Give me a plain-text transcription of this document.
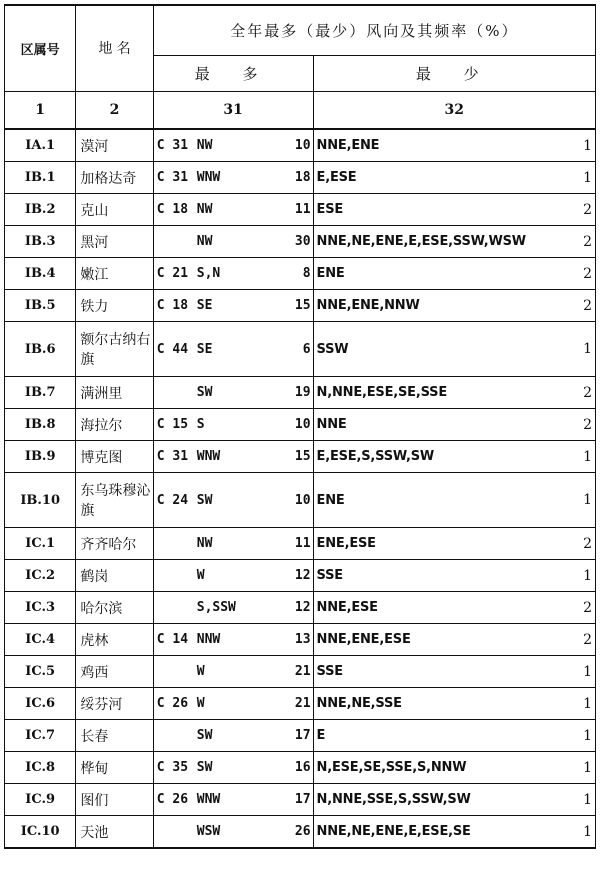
区属号	地 名	全年最多（最少）风向及其频率（%）	
		最 多	最 少
1	2	31	32
ⅠA.1	漠河	C 31 NW 10	NNE,ENE 1

ⅠB.1	加格达奇	C 31 WNW 18	E,ESE 1

ⅠB.2	克山	C 18 NW 11	ESE 2

ⅠB.3	黑河	NW 30	NNE,NE,ENE,E,ESE,SSW,WSW 2

ⅠB.4	嫩江	C 21 S,N 8	ENE 2

ⅠB.5	铁力	C 18 SE 15	NNE,ENE,NNW 2

ⅠB.6	额尔古纳右旗	C 44 SE 6	SSW 1

ⅠB.7	满洲里	SW 19	N,NNE,ESE,SE,SSE 2

ⅠB.8	海拉尔	C 15 S 10	NNE 2

ⅠB.9	博克图	C 31 WNW 15	E,ESE,S,SSW,SW 1

ⅠB.10	东乌珠穆沁旗	C 24 SW 10	ENE 1

ⅠC.1	齐齐哈尔	NW 11	ENE,ESE 2

ⅠC.2	鹤岗	W 12	SSE 1

ⅠC.3	哈尔滨	S,SSW 12	NNE,ESE 2

ⅠC.4	虎林	C 14 NNW 13	NNE,ENE,ESE 2

ⅠC.5	鸡西	W 21	SSE 1

ⅠC.6	绥芬河	C 26 W 21	NNE,NE,SSE 1

ⅠC.7	长春	SW 17	E 1

ⅠC.8	桦甸	C 35 SW 16	N,ESE,SE,SSE,S,NNW 1

ⅠC.9	图们	C 26 WNW 17	N,NNE,SSE,S,SSW,SW 1

ⅠC.10	天池	WSW 26	NNE,NE,ENE,E,ESE,SE 1
